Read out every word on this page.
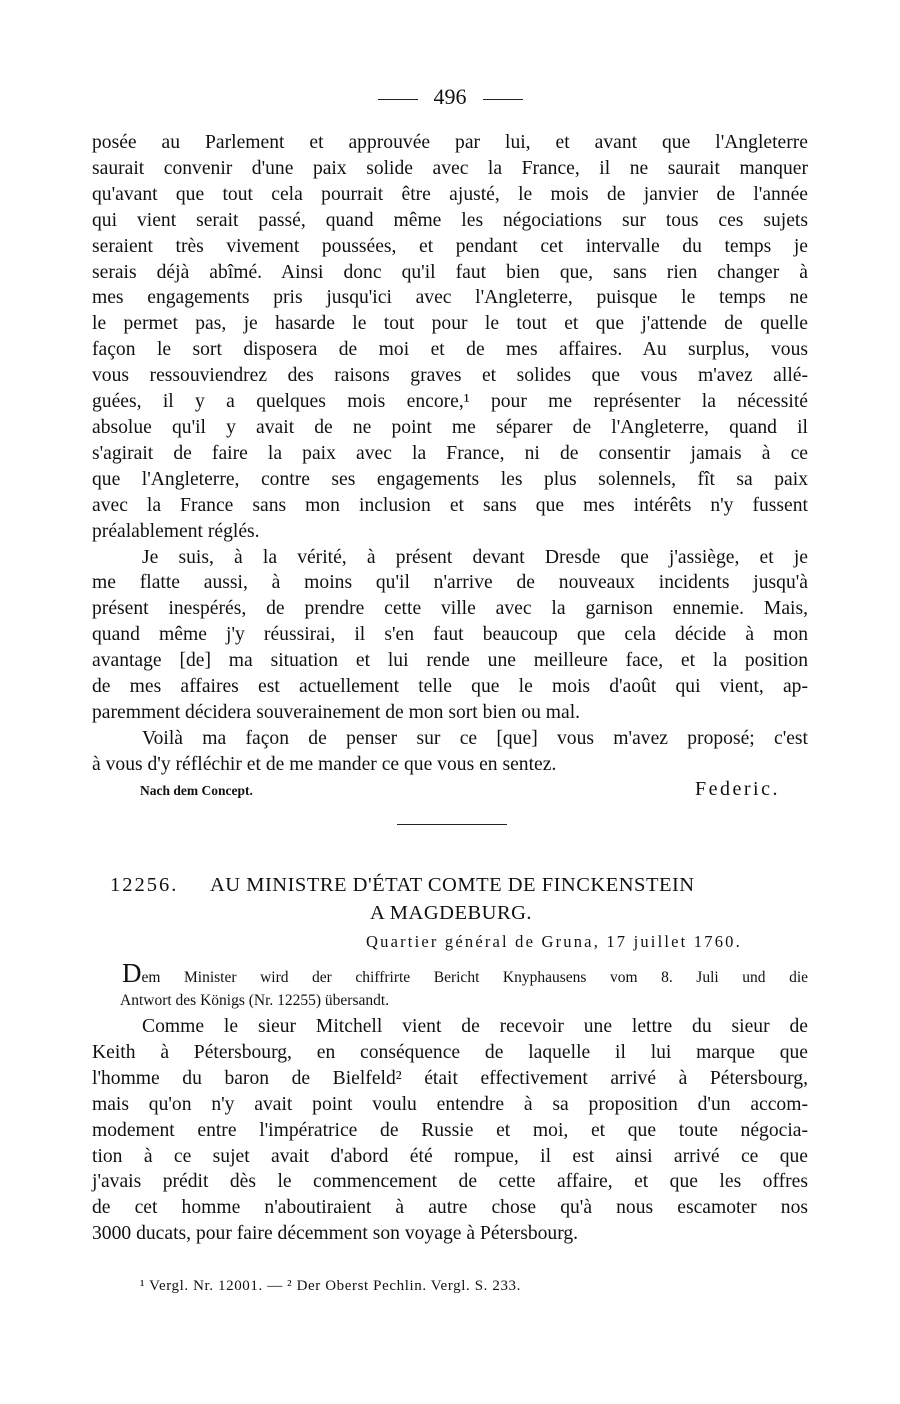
496

posée au Parlement et approuvée par lui, et avant que l'Angleterre
saurait convenir d'une paix solide avec la France, il ne saurait manquer
qu'avant que tout cela pourrait être ajusté, le mois de janvier de l'année
qui vient serait passé, quand même les négociations sur tous ces sujets
seraient très vivement poussées, et pendant cet intervalle du temps je
serais déjà abîmé. Ainsi donc qu'il faut bien que, sans rien changer à
mes engagements pris jusqu'ici avec l'Angleterre, puisque le temps ne
le permet pas, je hasarde le tout pour le tout et que j'attende de quelle
façon le sort disposera de moi et de mes affaires. Au surplus, vous
vous ressouviendrez des raisons graves et solides que vous m'avez allé-
guées, il y a quelques mois encore,¹ pour me représenter la nécessité
absolue qu'il y avait de ne point me séparer de l'Angleterre, quand il
s'agirait de faire la paix avec la France, ni de consentir jamais à ce
que l'Angleterre, contre ses engagements les plus solennels, fît sa paix
avec la France sans mon inclusion et sans que mes intérêts n'y fussent
préalablement réglés.

Je suis, à la vérité, à présent devant Dresde que j'assiège, et je
me flatte aussi, à moins qu'il n'arrive de nouveaux incidents jusqu'à
présent inespérés, de prendre cette ville avec la garnison ennemie. Mais,
quand même j'y réussirai, il s'en faut beaucoup que cela décide à mon
avantage [de] ma situation et lui rende une meilleure face, et la position
de mes affaires est actuellement telle que le mois d'août qui vient, ap-
paremment décidera souverainement de mon sort bien ou mal.

Voilà ma façon de penser sur ce [que] vous m'avez proposé; c'est
à vous d'y réfléchir et de me mander ce que vous en sentez.

Nach dem Concept.	Federic.
12256. AU MINISTRE D'ÉTAT COMTE DE FINCKENSTEIN
A MAGDEBURG.
Quartier général de Gruna, 17 juillet 1760.
Dem Minister wird der chiffrirte Bericht Knyphausens vom 8. Juli und die
Antwort des Königs (Nr. 12255) übersandt.

Comme le sieur Mitchell vient de recevoir une lettre du sieur de
Keith à Pétersbourg, en conséquence de laquelle il lui marque que
l'homme du baron de Bielfeld² était effectivement arrivé à Pétersbourg,
mais qu'on n'y avait point voulu entendre à sa proposition d'un accom-
modement entre l'impératrice de Russie et moi, et que toute négocia-
tion à ce sujet avait d'abord été rompue, il est ainsi arrivé ce que
j'avais prédit dès le commencement de cette affaire, et que les offres
de cet homme n'aboutiraient à autre chose qu'à nous escamoter nos
3000 ducats, pour faire décemment son voyage à Pétersbourg.

¹ Vergl. Nr. 12001. — ² Der Oberst Pechlin. Vergl. S. 233.
